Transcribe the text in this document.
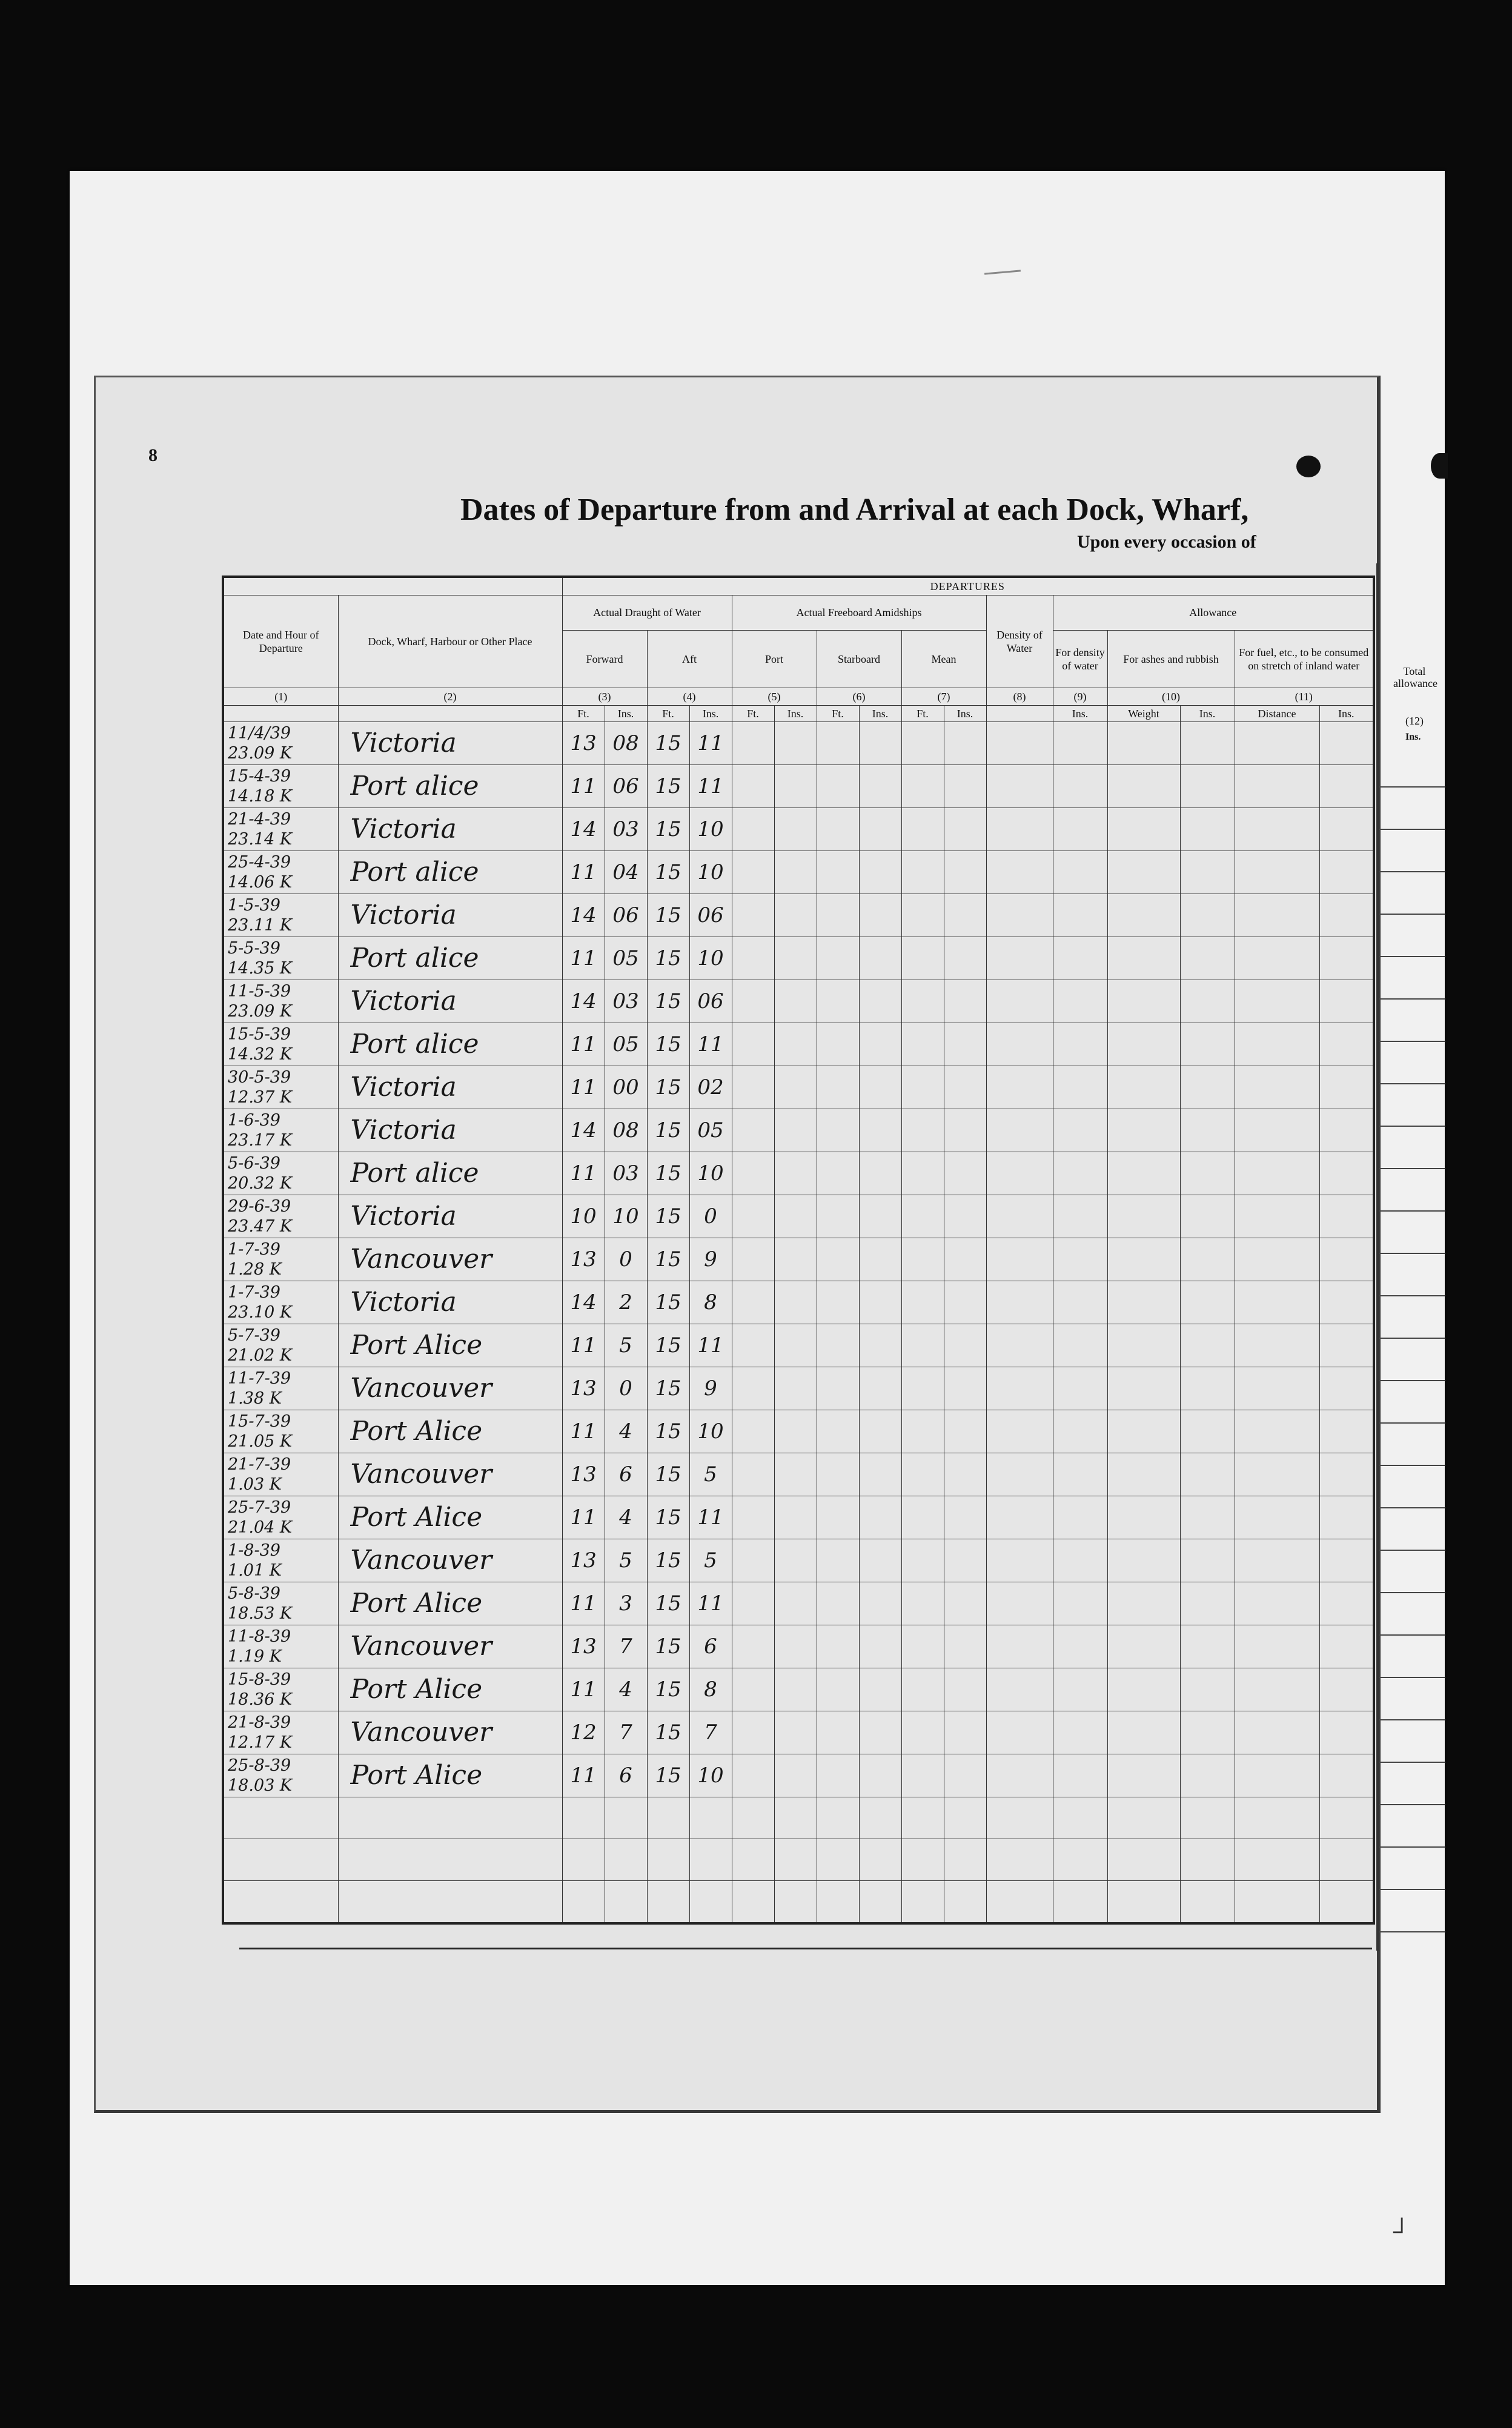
8
Dates of Departure from and Arrival at each Dock, Wharf,
Upon every occasion of
		DEPARTURES															
Date and Hour of Departure	Dock, Wharf, Harbour or Other Place	Actual Draught of Water				Actual Freeboard Amidships						Density of Water	Allowance				
		Forward		Aft		Port		Starboard		Mean			For density of water	For ashes and rubbish		For fuel, etc., to be consumed on stretch of inland water	
(1)	(2)	(3)		(4)		(5)		(6)		(7)		(8)	(9)	(10)		(11)	
		Ft.	Ins.	Ft.	Ins.	Ft.	Ins.	Ft.	Ins.	Ft.	Ins.		Ins.	Weight	Ins.	Distance	Ins.
11/4/39
23.09 K	Victoria	13	08	15	11												
15-4-39
14.18 K	Port alice	11	06	15	11												
21-4-39
23.14 K	Victoria	14	03	15	10												
25-4-39
14.06 K	Port alice	11	04	15	10												
1-5-39
23.11 K	Victoria	14	06	15	06												
5-5-39
14.35 K	Port alice	11	05	15	10												
11-5-39
23.09 K	Victoria	14	03	15	06												
15-5-39
14.32 K	Port alice	11	05	15	11												
30-5-39
12.37 K	Victoria	11	00	15	02												
1-6-39
23.17 K	Victoria	14	08	15	05												
5-6-39
20.32 K	Port alice	11	03	15	10												
29-6-39
23.47 K	Victoria	10	10	15	0												
1-7-39
1.28 K	Vancouver	13	0	15	9												
1-7-39
23.10 K	Victoria	14	2	15	8												
5-7-39
21.02 K	Port Alice	11	5	15	11												
11-7-39
1.38 K	Vancouver	13	0	15	9												
15-7-39
21.05 K	Port Alice	11	4	15	10												
21-7-39
1.03 K	Vancouver	13	6	15	5												
25-7-39
21.04 K	Port Alice	11	4	15	11												
1-8-39
1.01 K	Vancouver	13	5	15	5												
5-8-39
18.53 K	Port Alice	11	3	15	11												
11-8-39
1.19 K	Vancouver	13	7	15	6												
15-8-39
18.36 K	Port Alice	11	4	15	8												
21-8-39
12.17 K	Vancouver	12	7	15	7												
25-8-39
18.03 K	Port Alice	11	6	15	10												

Total allowance
(12)
Ins.
┘
